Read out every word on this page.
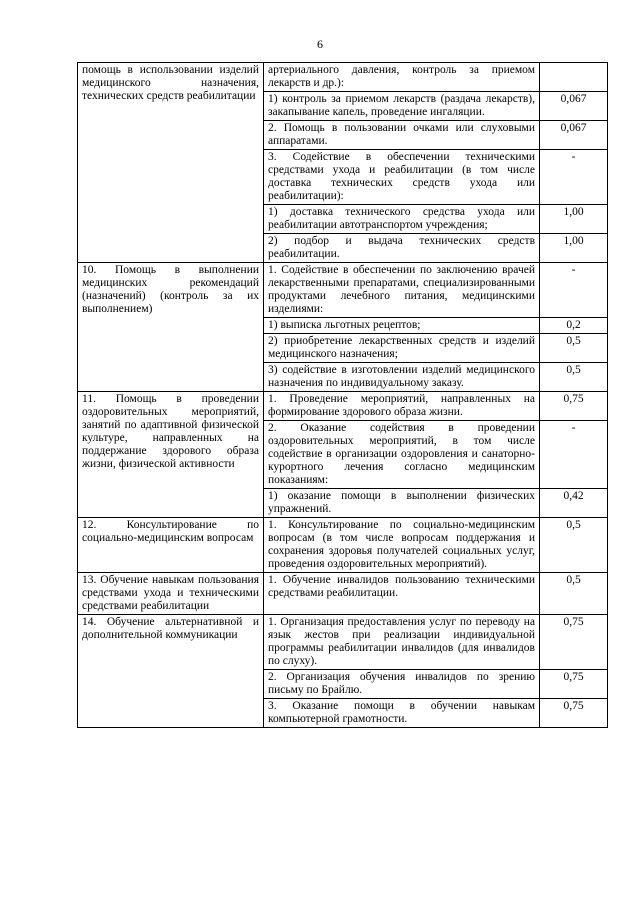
6
помощь в использовании изделий медицинского назначения, технических средств реабилитации	артериального давления, контроль за приемом лекарств и др.):	

	1) контроль за приемом лекарств (раздача лекарств), закапывание капель, проведение ингаляции.	0,067

	2. Помощь в пользовании очками или слуховыми аппаратами.	0,067

	3. Содействие в обеспечении техническими средствами ухода и реабилитации (в том числе доставка технических средств ухода или реабилитации):	-

	1) доставка технического средства ухода или реабилитации автотранспортом учреждения;	1,00

	2) подбор и выдача технических средств реабилитации.	1,00

10. Помощь в выполнении медицинских рекомендаций (назначений) (контроль за их выполнением)	1. Содействие в обеспечении по заключению врачей лекарственными препаратами, специализированными продуктами лечебного питания, медицинскими изделиями:	-

	1) выписка льготных рецептов;	0,2

	2) приобретение лекарственных средств и изделий медицинского назначения;	0,5

	3) содействие в изготовлении изделий медицинского назначения по индивидуальному заказу.	0,5

11. Помощь в проведении оздоровительных мероприятий, занятий по адаптивной физической культуре, направленных на поддержание здорового образа жизни, физической активности	1. Проведение мероприятий, направленных на формирование здорового образа жизни.	0,75

	2. Оказание содействия в проведении оздоровительных мероприятий, в том числе содействие в организации оздоровления и санаторно-курортного лечения согласно медицинским показаниям:	-

	1) оказание помощи в выполнении физических упражнений.	0,42

12. Консультирование по социально-медицинским вопросам	1. Консультирование по социально-медицинским вопросам (в том числе вопросам поддержания и сохранения здоровья получателей социальных услуг, проведения оздоровительных мероприятий).	0,5

13. Обучение навыкам пользования средствами ухода и техническими средствами реабилитации	1. Обучение инвалидов пользованию техническими средствами реабилитации.	0,5

14. Обучение альтернативной и дополнительной коммуникации	1. Организация предоставления услуг по переводу на язык жестов при реализации индивидуальной программы реабилитации инвалидов (для инвалидов по слуху).	0,75

	2. Организация обучения инвалидов по зрению письму по Брайлю.	0,75

	3. Оказание помощи в обучении навыкам компьютерной грамотности.	0,75
